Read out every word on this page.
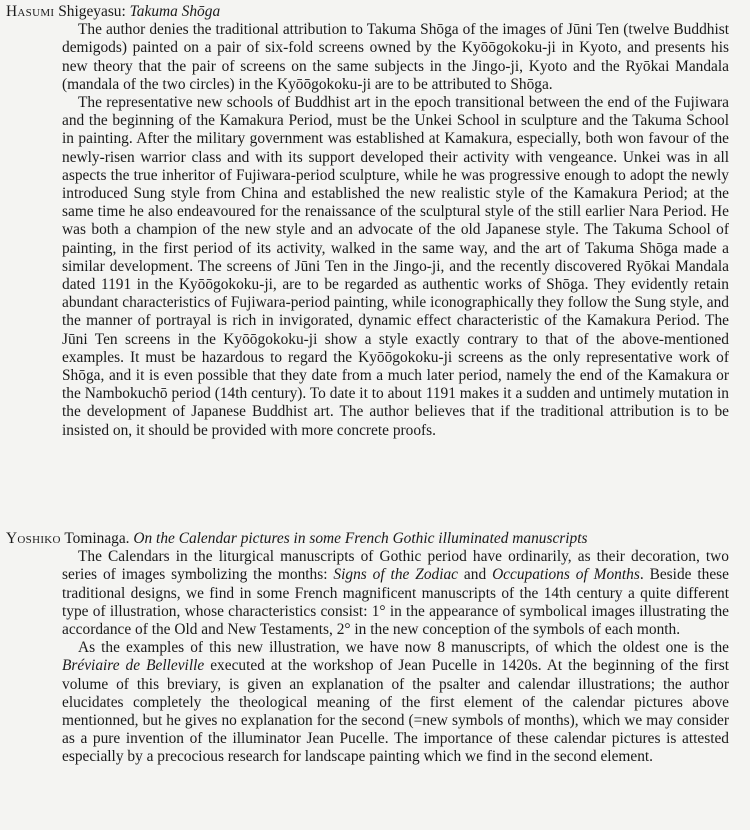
Hasumi Shigeyasu: Takuma Shōga

The author denies the traditional attribution to Takuma Shōga of the images of Jūni Ten (twelve Buddhist demigods) painted on a pair of six-fold screens owned by the Kyōōgokoku-ji in Kyoto, and presents his new theory that the pair of screens on the same subjects in the Jingo-ji, Kyoto and the Ryōkai Mandala (mandala of the two circles) in the Kyōōgokoku-ji are to be attributed to Shōga.

The representative new schools of Buddhist art in the epoch transitional between the end of the Fujiwara and the beginning of the Kamakura Period, must be the Unkei School in sculpture and the Takuma School in painting. After the military government was established at Kamakura, especially, both won favour of the newly-risen warrior class and with its support developed their activity with vengeance. Unkei was in all aspects the true inheritor of Fujiwara-period sculpture, while he was progressive enough to adopt the newly introduced Sung style from China and established the new realistic style of the Kamakura Period; at the same time he also endeavoured for the renaissance of the sculptural style of the still earlier Nara Period. He was both a champion of the new style and an advocate of the old Japanese style. The Takuma School of painting, in the first period of its activity, walked in the same way, and the art of Takuma Shōga made a similar development. The screens of Jūni Ten in the Jingo-ji, and the recently discovered Ryōkai Mandala dated 1191 in the Kyōōgokoku-ji, are to be regarded as authentic works of Shōga. They evidently retain abundant characteristics of Fujiwara-period painting, while iconographically they follow the Sung style, and the manner of portrayal is rich in invigorated, dynamic effect characteristic of the Kamakura Period. The Jūni Ten screens in the Kyōōgokoku-ji show a style exactly contrary to that of the above-mentioned examples. It must be hazardous to regard the Kyōōgokoku-ji screens as the only representative work of Shōga, and it is even possible that they date from a much later period, namely the end of the Kamakura or the Nambokuchō period (14th century). To date it to about 1191 makes it a sudden and untimely mutation in the development of Japanese Buddhist art. The author believes that if the traditional attribution is to be insisted on, it should be provided with more concrete proofs.

Yoshiko Tominaga. On the Calendar pictures in some French Gothic illuminated manuscripts

The Calendars in the liturgical manuscripts of Gothic period have ordinarily, as their decoration, two series of images symbolizing the months: Signs of the Zodiac and Occupations of Months. Beside these traditional designs, we find in some French magnificent manuscripts of the 14th century a quite different type of illustration, whose characteristics consist: 1° in the appearance of symbolical images illustrating the accordance of the Old and New Testaments, 2° in the new conception of the symbols of each month.

As the examples of this new illustration, we have now 8 manuscripts, of which the oldest one is the Bréviaire de Belleville executed at the workshop of Jean Pucelle in 1420s. At the beginning of the first volume of this breviary, is given an explanation of the psalter and calendar illustrations; the author elucidates completely the theological meaning of the first element of the calendar pictures above mentionned, but he gives no explanation for the second (=new symbols of months), which we may consider as a pure invention of the illuminator Jean Pucelle. The importance of these calendar pictures is attested especially by a precocious research for landscape painting which we find in the second element.
